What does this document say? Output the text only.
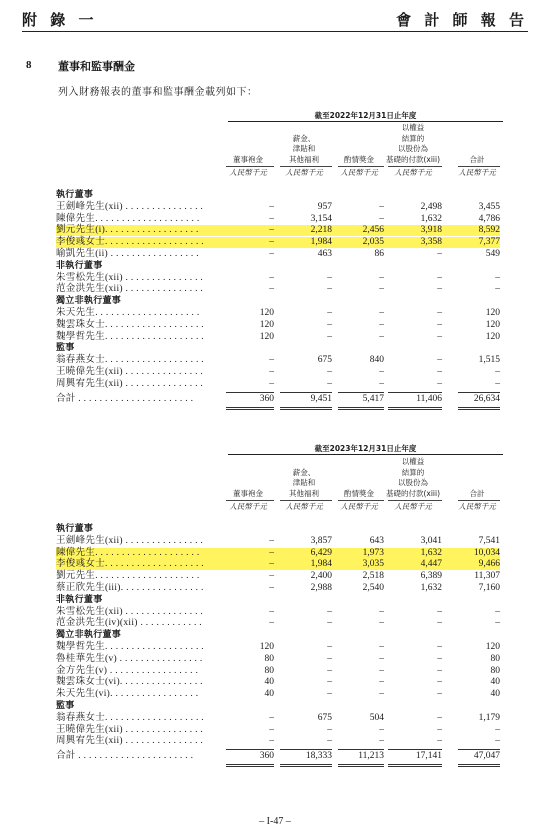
附 錄 一	會 計 師 報 告
8 董事和監事酬金
列入財務報表的董事和監事酬金載列如下：
截至2022年12月31日止年度
董事袍金
人民幣千元
薪金、
津貼和
其他福利
人民幣千元
酌情獎金
人民幣千元
以權益
結算的
以股份為
基礎的付款(xiii)
人民幣千元
合計
人民幣千元
執行董事
王劍峰先生(xii) . . . . . . . . . . . . . . .	–	957	–	2,498	3,455
陳偉先生. . . . . . . . . . . . . . . . . . . .	–	3,154	–	1,632	4,786
劉元先生(i). . . . . . . . . . . . . . . . . .	–	2,218	2,456	3,918	8,592
李俊彧女士. . . . . . . . . . . . . . . . . . .	–	1,984	2,035	3,358	7,377
喻凱先生(ii) . . . . . . . . . . . . . . . . .	–	463	86	–	549
非執行董事
朱雪松先生(xii) . . . . . . . . . . . . . . .	–	–	–	–	–
范金洪先生(xii) . . . . . . . . . . . . . . .	–	–	–	–	–
獨立非執行董事
朱天先生. . . . . . . . . . . . . . . . . . . .	120	–	–	–	120
魏雲珠女士. . . . . . . . . . . . . . . . . . .	120	–	–	–	120
魏學哲先生. . . . . . . . . . . . . . . . . . .	120	–	–	–	120
監事
翁春燕女士. . . . . . . . . . . . . . . . . . .	–	675	840	–	1,515
王曉偉先生(xii) . . . . . . . . . . . . . . .	–	–	–	–	–
周興宥先生(xii) . . . . . . . . . . . . . . .	–	–	–	–	–
合計 . . . . . . . . . . . . . . . . . . . . . .	360	9,451	5,417	11,406	26,634
截至2023年12月31日止年度
董事袍金
人民幣千元
薪金、
津貼和
其他福利
人民幣千元
酌情獎金
人民幣千元
以權益
結算的
以股份為
基礎的付款(xiii)
人民幣千元
合計
人民幣千元
執行董事
王劍峰先生(xii) . . . . . . . . . . . . . . .	–	3,857	643	3,041	7,541
陳偉先生. . . . . . . . . . . . . . . . . . . .	–	6,429	1,973	1,632	10,034
李俊彧女士. . . . . . . . . . . . . . . . . . .	–	1,984	3,035	4,447	9,466
劉元先生. . . . . . . . . . . . . . . . . . . .	–	2,400	2,518	6,389	11,307
蔡正欣先生(iii). . . . . . . . . . . . . . . .	–	2,988	2,540	1,632	7,160
非執行董事
朱雪松先生(xii) . . . . . . . . . . . . . . .	–	–	–	–	–
范金洪先生(iv)(xii) . . . . . . . . . . . .	–	–	–	–	–
獨立非執行董事
魏學哲先生. . . . . . . . . . . . . . . . . . .	120	–	–	–	120
魯桂華先生(v) . . . . . . . . . . . . . . . .	80	–	–	–	80
金方先生(v) . . . . . . . . . . . . . . . . .	80	–	–	–	80
魏雲珠女士(vi). . . . . . . . . . . . . . . .	40	–	–	–	40
朱天先生(vi). . . . . . . . . . . . . . . . .	40	–	–	–	40
監事
翁春燕女士. . . . . . . . . . . . . . . . . . .	–	675	504	–	1,179
王曉偉先生(xii) . . . . . . . . . . . . . . .	–	–	–	–	–
周興宥先生(xii) . . . . . . . . . . . . . . .	–	–	–	–	–
合計 . . . . . . . . . . . . . . . . . . . . . .	360	18,333	11,213	17,141	47,047
– I-47 –
